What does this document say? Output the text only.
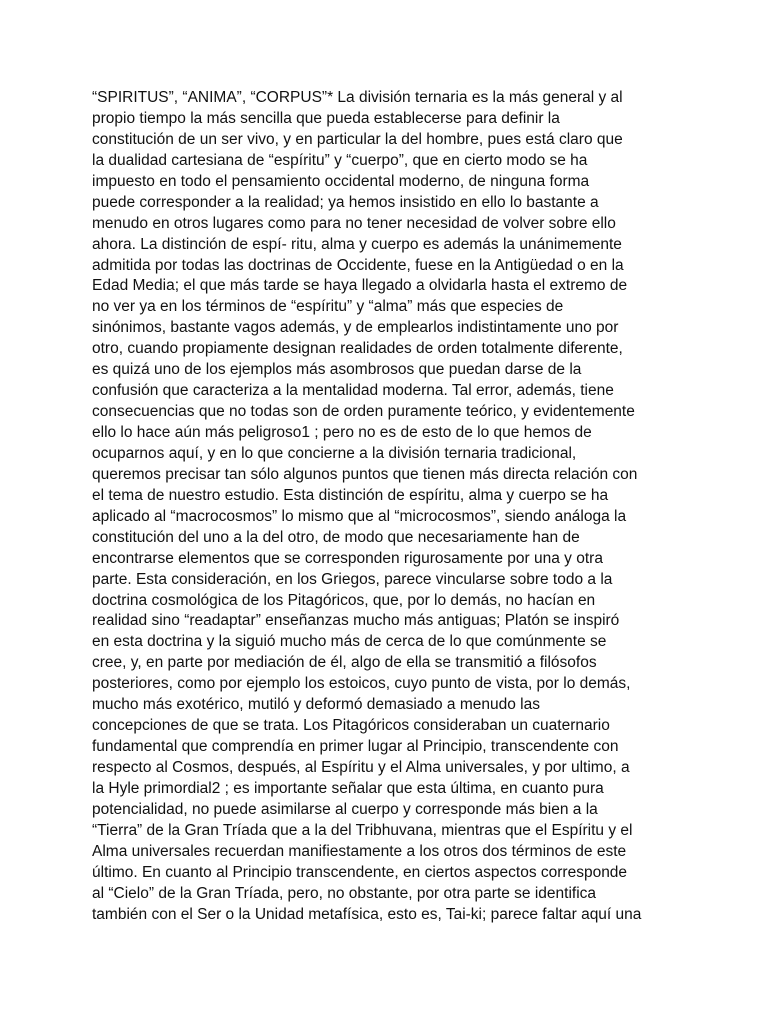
“SPIRITUS”, “ANIMA”, “CORPUS”* La división ternaria es la más general y al
propio tiempo la más sencilla que pueda establecerse para definir la
constitución de un ser vivo, y en particular la del hombre, pues está claro que
la dualidad cartesiana de “espíritu” y “cuerpo”, que en cierto modo se ha
impuesto en todo el pensamiento occidental moderno, de ninguna forma
puede corresponder a la realidad; ya hemos insistido en ello lo bastante a
menudo en otros lugares como para no tener necesidad de volver sobre ello
ahora. La distinción de espí- ritu, alma y cuerpo es además la unánimemente
admitida por todas las doctrinas de Occidente, fuese en la Antigüedad o en la
Edad Media; el que más tarde se haya llegado a olvidarla hasta el extremo de
no ver ya en los términos de “espíritu” y “alma” más que especies de
sinónimos, bastante vagos además, y de emplearlos indistintamente uno por
otro, cuando propiamente designan realidades de orden totalmente diferente,
es quizá uno de los ejemplos más asombrosos que puedan darse de la
confusión que caracteriza a la mentalidad moderna. Tal error, además, tiene
consecuencias que no todas son de orden puramente teórico, y evidentemente
ello lo hace aún más peligroso1 ; pero no es de esto de lo que hemos de
ocuparnos aquí, y en lo que concierne a la división ternaria tradicional,
queremos precisar tan sólo algunos puntos que tienen más directa relación con
el tema de nuestro estudio. Esta distinción de espíritu, alma y cuerpo se ha
aplicado al “macrocosmos” lo mismo que al “microcosmos”, siendo análoga la
constitución del uno a la del otro, de modo que necesariamente han de
encontrarse elementos que se corresponden rigurosamente por una y otra
parte. Esta consideración, en los Griegos, parece vincularse sobre todo a la
doctrina cosmológica de los Pitagóricos, que, por lo demás, no hacían en
realidad sino “readaptar” enseñanzas mucho más antiguas; Platón se inspiró
en esta doctrina y la siguió mucho más de cerca de lo que comúnmente se
cree, y, en parte por mediación de él, algo de ella se transmitió a filósofos
posteriores, como por ejemplo los estoicos, cuyo punto de vista, por lo demás,
mucho más exotérico, mutiló y deformó demasiado a menudo las
concepciones de que se trata. Los Pitagóricos consideraban un cuaternario
fundamental que comprendía en primer lugar al Principio, transcendente con
respecto al Cosmos, después, al Espíritu y el Alma universales, y por ultimo, a
la Hyle primordial2 ; es importante señalar que esta última, en cuanto pura
potencialidad, no puede asimilarse al cuerpo y corresponde más bien a la
“Tierra” de la Gran Tríada que a la del Tribhuvana, mientras que el Espíritu y el
Alma universales recuerdan manifiestamente a los otros dos términos de este
último. En cuanto al Principio transcendente, en ciertos aspectos corresponde
al “Cielo” de la Gran Tríada, pero, no obstante, por otra parte se identifica
también con el Ser o la Unidad metafísica, esto es, Tai-ki; parece faltar aquí una
